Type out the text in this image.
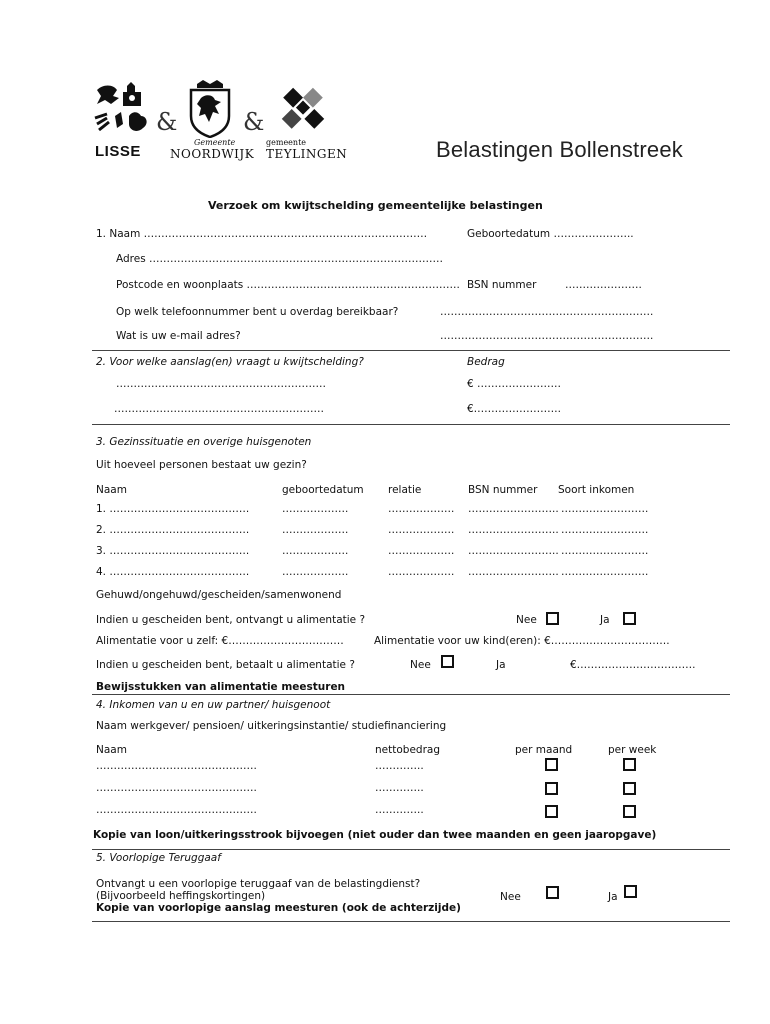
LISSE
&
Gemeente
NOORDWIJK
&
T
gemeente
TEYLINGEN	Belastingen Bollenstreek
Verzoek om kwijtschelding gemeentelijke belastingen
1. Naam ………………………………………………………………………	Geboortedatum …………………..
Adres …………………………………………………………………………
Postcode en woonplaats ……………………………………………………. BSN nummer	………………….
Op welk telefoonnummer bent u overdag bereikbaar?	…………………………………………………….
Wat is uw e-mail adres?	…………………………………………………….
2. Voor welke aanslag(en) vraagt u kwijtschelding?	Bedrag
……………………………………………………	€ ……………………
……………………………………………………	€…………………….
3. Gezinssituatie en overige huisgenoten
Uit hoeveel personen bestaat uw gezin?
Naam	geboortedatum relatie	BSN nummer Soort inkomen
1. ………………………………….	……………….	………………. …………………….. …………………….
2. ………………………………….	……………….	………………. …………………….. …………………….
3. ………………………………….	……………….	………………. …………………….. …………………….
4. ………………………………….	……………….	………………. …………………….. …………………….
Gehuwd/ongehuwd/gescheiden/samenwonend
Indien u gescheiden bent, ontvangt u alimentatie ?	Nee	Ja
Alimentatie voor u zelf: €……………………………	Alimentatie voor uw kind(eren): €…………………………….
Indien u gescheiden bent, betaalt u alimentatie ?	Nee	Ja	€…………………………….
Bewijsstukken van alimentatie meesturen
4. Inkomen van u en uw partner/ huisgenoot
Naam werkgever/ pensioen/ uitkeringsinstantie/ studiefinanciering
Naam	nettobedrag	per maand	per week
……………………………………….	…………..
……………………………………….	…………..
……………………………………….	…………..
Kopie van loon/uitkeringsstrook bijvoegen (niet ouder dan twee maanden en geen jaaropgave)
5. Voorlopige Teruggaaf
Ontvangt u een voorlopige teruggaaf van de belastingdienst?
(Bijvoorbeeld heffingskortingen)	Nee	Ja
Kopie van voorlopige aanslag meesturen (ook de achterzijde)
